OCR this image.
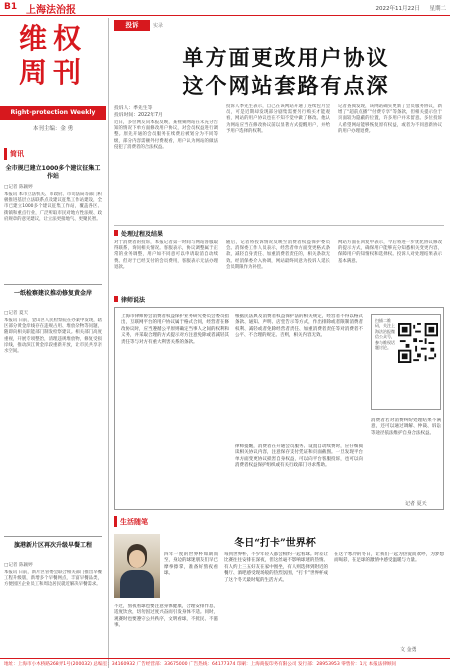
B1 上海法治报	2022年11月22日 星期二
维权周刊
Right-protection Weekly
本刊主编：金 勇
简讯
全市规已建立1000多个建议征集工作站
□记者 陈颖婷
本报讯 本市立法机关、市政府、市司法局等部门积极推进基层立法联系点及建议征集工作站建设，全市已建立1000多个建议征集工作站，覆盖各区、街镇和重点行业，广泛听取市民对地方性法规、政府规章的意见建议，让立法更接地气、更聚民智。
一纸检察建议推动修复黄金岸
□记者 夏天
本报讯 日前，金山区人民检察院在办案中发现，辖区部分黄金岸线存在违规占用、堆放杂物等问题，随即向相关职能部门制发检察建议。相关部门高度重视，开展专项整治，清理违规堆放物，修复受损岸线，推动滨江黄金岸段重新开放，让市民共享亲水空间。
旗港新片区再次升级早餐工程
□记者 陈颖婷
本报讯 日前，新片区管委会联合相关部门推出早餐工程升级版，新增多个早餐网点，丰富早餐品类，方便园区企业员工和周边居民就近解决早餐需求。
投诉	实录
单方面更改用户协议
这个网站套路有点深
投诉人：季先生等
投诉时间：2022年7月
近日，多位网友向本报反映，某视频网站在未充分告知的情况下单方面修改用户协议，对会员权益进行调整。原先开通的会员服务在续费后被划分为不同等级，部分内容需额外付费观看，用户认为网站的做法侵犯了消费者的合法权益。
投诉人季先生表示，自己在该网站开通了连续包月会员，可是近期却发现部分剧集需要另行购买才能观看，网站的用户协议也在不知不觉中做了修改。他认为网站应当在修改协议前以显著方式提醒用户，并给予用户选择的权利。
记者查阅发现，该网站确实更新了会员服务协议，新增了“超前点播”“付费专享”等条款，但相关提示位于页面较为隐蔽的位置，许多用户并未留意。多位投诉人希望网站能够恢复原有权益，或者为不同意新协议的用户办理退费。
处理过程及结果
对于消费者的投诉，本报记者第一时间与网站客服取得联系，询问相关情况。客服表示，协议调整属于正常的业务调整，用户如不同意可以申请取消自动续费。但对于已经支付的会员费用，客服表示无法办理退款。
随后，记者将投诉情况反映至消费者权益保护委员会。消保委工作人员表示，经营者单方面变更格式条款，减轻自身责任、加重消费者责任的，相关条款无效。经消保委介入协调，网站最终同意为投诉人延长会员期限作为补偿。
网站方面在回复中表示，今后将进一步优化协议修改的提示方式，确保用户能够充分知悉相关变更内容，保障用户的知情权和选择权。投诉人对处理结果表示基本满意。
律师说法
上海市律师协会消费者权益保护业务研究委员会委员指出，互联网平台的用户协议属于格式合同，经营者在修改协议时，应当遵循公平原则确定当事人之间的权利和义务，并采取合理的方式提示对方注意免除或者减轻其责任等与对方有重大利害关系的条款。
根据民法典及消费者权益保护法的相关规定，经营者不得以格式条款、通知、声明、店堂告示等方式，作出排除或者限制消费者权利、减轻或者免除经营者责任、加重消费者责任等对消费者不公平、不合理的规定。否则，相关内容无效。
扫描二维码，关注上海法治报微信公众号，参与维权话题讨论。
消费者若对消费纠纷处理结果不满意，还可以通过调解、仲裁、诉讼等途径依法维护自身合法权益。
记者 夏天
律师提醒，消费者在开通会员服务、设置自动续费时，应仔细阅读相关协议内容，注意保存支付凭证和页面截图。一旦发现平台单方面变更协议损害自身权益，可以向平台客服投诉，也可以向消费者权益保护组织或有关行政部门寻求帮助。
生活随笔
冬日“打卡”世界杯
四年一度的世界杯如期而至，身边的球迷朋友们早已摩拳擦掌，准备好熬夜看球。
不过，熬夜看球也要注意身体健康，合理安排作息，适度饮食，切勿因过度兴奋而引发身体不适。同时，观赛时也要遵守公共秩序，文明看球，不扰民、不滋事。
每到世界杯，不少年轻人都会相约一起看球。时差让比赛往往安排在深夜，但这丝毫不影响球迷的热情。有人约上三五好友在家中围坐，有人则选择到附近的餐厅、酒吧感受现场般的热烈氛围，“打卡”世界杯成了这个冬天最时髦的生活方式。
在这个寒冷的冬日，让我们一起为热爱而欢呼，为梦想而喝彩，在足球的激情中感受温暖与力量。
文 金勇
地址：上海市小木桥路268弄1号(200032) 总编室：34160932 广告经营部：33675000 广告热线：64177374 印刷：上海商报印务有限公司 发行部：28953953 零售价：1元 本报法律顾问
